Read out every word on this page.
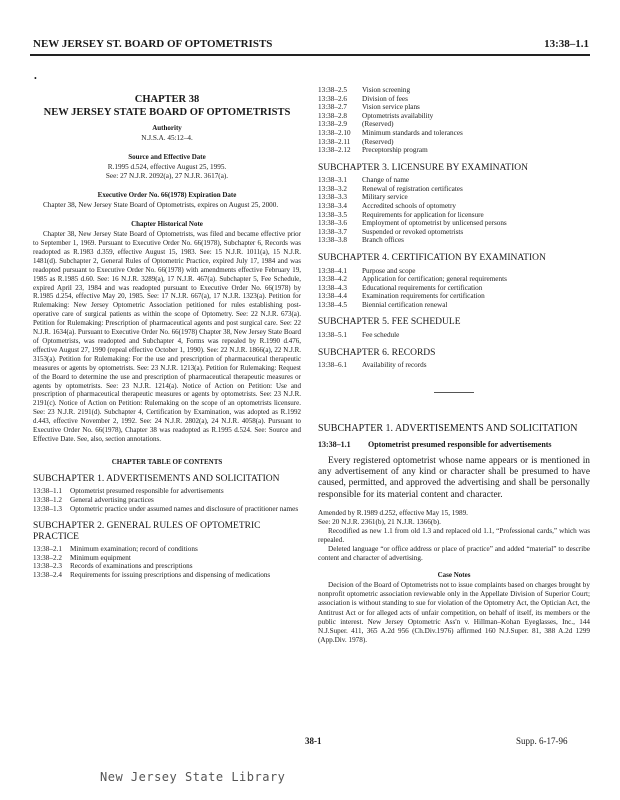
NEW JERSEY ST. BOARD OF OPTOMETRISTS	13:38–1.1
•
CHAPTER 38
NEW JERSEY STATE BOARD OF OPTOMETRISTS
Authority
N.J.S.A. 45:12–4.
Source and Effective Date
R.1995 d.524, effective August 25, 1995.
See: 27 N.J.R. 2092(a), 27 N.J.R. 3617(a).
Executive Order No. 66(1978) Expiration Date
Chapter 38, New Jersey State Board of Optometrists, expires on August 25, 2000.
Chapter Historical Note
Chapter 38, New Jersey State Board of Optometrists, was filed and became effective prior to September 1, 1969. Pursuant to Executive Order No. 66(1978), Subchapter 6, Records was readopted as R.1983 d.359, effective August 15, 1983. See: 15 N.J.R. 1011(a), 15 N.J.R. 1481(d). Subchapter 2, General Rules of Optometric Practice, expired July 17, 1984 and was readopted pursuant to Executive Order No. 66(1978) with amendments effective February 19, 1985 as R.1985 d.60. See: 16 N.J.R. 3289(a), 17 N.J.R. 467(a). Subchapter 5, Fee Schedule, expired April 23, 1984 and was readopted pursuant to Executive Order No. 66(1978) by R.1985 d.254, effective May 20, 1985. See: 17 N.J.R. 667(a), 17 N.J.R. 1323(a). Petition for Rulemaking: New Jersey Optometric Association petitioned for rules establishing post-operative care of surgical patients as within the scope of Optometry. See: 22 N.J.R. 673(a). Petition for Rulemaking: Prescription of pharmaceutical agents and post surgical care. See: 22 N.J.R. 1634(a). Pursuant to Executive Order No. 66(1978) Chapter 38, New Jersey State Board of Optometrists, was readopted and Subchapter 4, Forms was repealed by R.1990 d.476, effective August 27, 1990 (repeal effective October 1, 1990). See: 22 N.J.R. 1866(a), 22 N.J.R. 3153(a). Petition for Rulemaking: For the use and prescription of pharmaceutical therapeutic measures or agents by optometrists. See: 23 N.J.R. 1213(a). Petition for Rulemaking: Request of the Board to determine the use and prescription of pharmaceutical therapeutic measures or agents by optometrists. See: 23 N.J.R. 1214(a). Notice of Action on Petition: Use and prescription of pharmaceutical therapeutic measures or agents by optometrists. See: 23 N.J.R. 2191(c). Notice of Action on Petition: Rulemaking on the scope of an optometrists licensure. See: 23 N.J.R. 2191(d). Subchapter 4, Certification by Examination, was adopted as R.1992 d.443, effective November 2, 1992. See: 24 N.J.R. 2802(a), 24 N.J.R. 4058(a). Pursuant to Executive Order No. 66(1978), Chapter 38 was readopted as R.1995 d.524. See: Source and Effective Date. See, also, section annotations.
CHAPTER TABLE OF CONTENTS
SUBCHAPTER 1. ADVERTISEMENTS AND SOLICITATION
13:38–1.1	Optometrist presumed responsible for advertisements
13:38–1.2	General advertising practices
13:38–1.3	Optometric practice under assumed names and disclosure of practitioner names
SUBCHAPTER 2. GENERAL RULES OF OPTOMETRIC PRACTICE
13:38–2.1	Minimum examination; record of conditions
13:38–2.2	Minimum equipment
13:38–2.3	Records of examinations and prescriptions
13:38–2.4	Requirements for issuing prescriptions and dispensing of medications
13:38–2.5	Vision screening
13:38–2.6	Division of fees
13:38–2.7	Vision service plans
13:38–2.8	Optometrists availability
13:38–2.9	(Reserved)
13:38–2.10	Minimum standards and tolerances
13:38–2.11	(Reserved)
13:38–2.12	Preceptorship program
SUBCHAPTER 3. LICENSURE BY EXAMINATION
13:38–3.1	Change of name
13:38–3.2	Renewal of registration certificates
13:38–3.3	Military service
13:38–3.4	Accredited schools of optometry
13:38–3.5	Requirements for application for licensure
13:38–3.6	Employment of optometrist by unlicensed persons
13:38–3.7	Suspended or revoked optometrists
13:38–3.8	Branch offices
SUBCHAPTER 4. CERTIFICATION BY EXAMINATION
13:38–4.1	Purpose and scope
13:38–4.2	Application for certification; general requirements
13:38–4.3	Educational requirements for certification
13:38–4.4	Examination requirements for certification
13:38–4.5	Biennial certification renewal
SUBCHAPTER 5. FEE SCHEDULE
13:38–5.1	Fee schedule
SUBCHAPTER 6. RECORDS
13:38–6.1	Availability of records
SUBCHAPTER 1. ADVERTISEMENTS AND SOLICITATION
13:38–1.1	Optometrist presumed responsible for advertisements
Every registered optometrist whose name appears or is mentioned in any advertisement of any kind or character shall be presumed to have caused, permitted, and approved the advertising and shall be personally responsible for its material content and character.
Amended by R.1989 d.252, effective May 15, 1989.
See: 20 N.J.R. 2361(b), 21 N.J.R. 1366(b).
Recodified as new 1.1 from old 1.3 and replaced old 1.1, “Professional cards,” which was repealed.
Deleted language “or office address or place of practice” and added “material” to describe content and character of advertising.
Case Notes
Decision of the Board of Optometrists not to issue complaints based on charges brought by nonprofit optometric association reviewable only in the Appellate Division of Superior Court; association is without standing to sue for violation of the Optometry Act, the Optician Act, the Antitrust Act or for alleged acts of unfair competition, on behalf of itself, its members or the public interest. New Jersey Optometric Ass'n v. Hillman–Kohan Eyeglasses, Inc., 144 N.J.Super. 411, 365 A.2d 956 (Ch.Div.1976) affirmed 160 N.J.Super. 81, 388 A.2d 1299 (App.Div. 1978).
38-1	Supp. 6-17-96
New Jersey State Library
